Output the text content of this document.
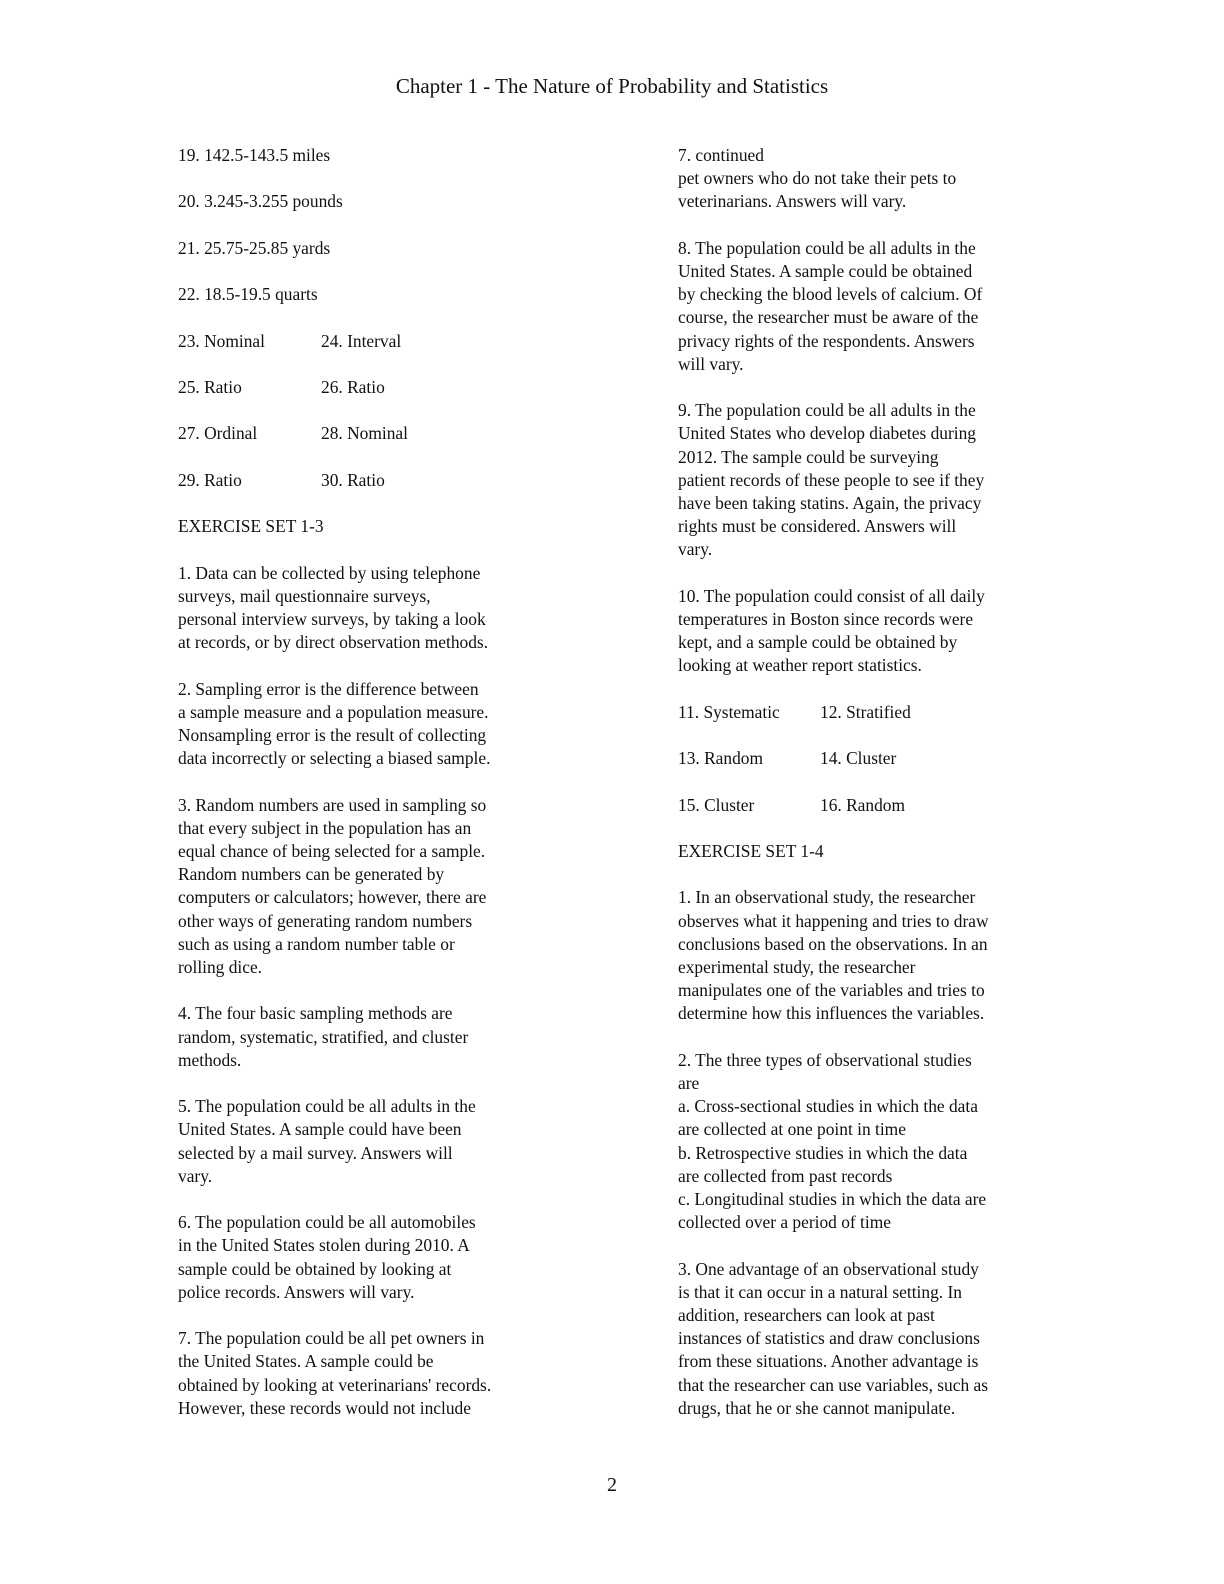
Chapter 1 - The Nature of Probability and Statistics
19. 142.5-143.5 miles
20. 3.245-3.255 pounds
21. 25.75-25.85 yards
22. 18.5-19.5 quarts
23. Nominal	24. Interval
25. Ratio	26. Ratio
27. Ordinal	28. Nominal
29. Ratio	30. Ratio
EXERCISE SET 1-3
1. Data can be collected by using telephone
surveys, mail questionnaire surveys,
personal interview surveys, by taking a look
at records, or by direct observation methods.
2. Sampling error is the difference between
a sample measure and a population measure.
Nonsampling error is the result of collecting
data incorrectly or selecting a biased sample.
3. Random numbers are used in sampling so
that every subject in the population has an
equal chance of being selected for a sample.
Random numbers can be generated by
computers or calculators; however, there are
other ways of generating random numbers
such as using a random number table or
rolling dice.
4. The four basic sampling methods are
random, systematic, stratified, and cluster
methods.
5. The population could be all adults in the
United States. A sample could have been
selected by a mail survey. Answers will
vary.
6. The population could be all automobiles
in the United States stolen during 2010. A
sample could be obtained by looking at
police records. Answers will vary.
7. The population could be all pet owners in
the United States. A sample could be
obtained by looking at veterinarians' records.
However, these records would not include
7. continued
pet owners who do not take their pets to
veterinarians. Answers will vary.
8. The population could be all adults in the
United States. A sample could be obtained
by checking the blood levels of calcium. Of
course, the researcher must be aware of the
privacy rights of the respondents. Answers
will vary.
9. The population could be all adults in the
United States who develop diabetes during
2012. The sample could be surveying
patient records of these people to see if they
have been taking statins. Again, the privacy
rights must be considered. Answers will
vary.
10. The population could consist of all daily
temperatures in Boston since records were
kept, and a sample could be obtained by
looking at weather report statistics.
11. Systematic	12. Stratified
13. Random	14. Cluster
15. Cluster	16. Random
EXERCISE SET 1-4
1. In an observational study, the researcher
observes what it happening and tries to draw
conclusions based on the observations. In an
experimental study, the researcher
manipulates one of the variables and tries to
determine how this influences the variables.
2. The three types of observational studies
are
a. Cross-sectional studies in which the data
are collected at one point in time
b. Retrospective studies in which the data
are collected from past records
c. Longitudinal studies in which the data are
collected over a period of time
3. One advantage of an observational study
is that it can occur in a natural setting. In
addition, researchers can look at past
instances of statistics and draw conclusions
from these situations. Another advantage is
that the researcher can use variables, such as
drugs, that he or she cannot manipulate.
2
